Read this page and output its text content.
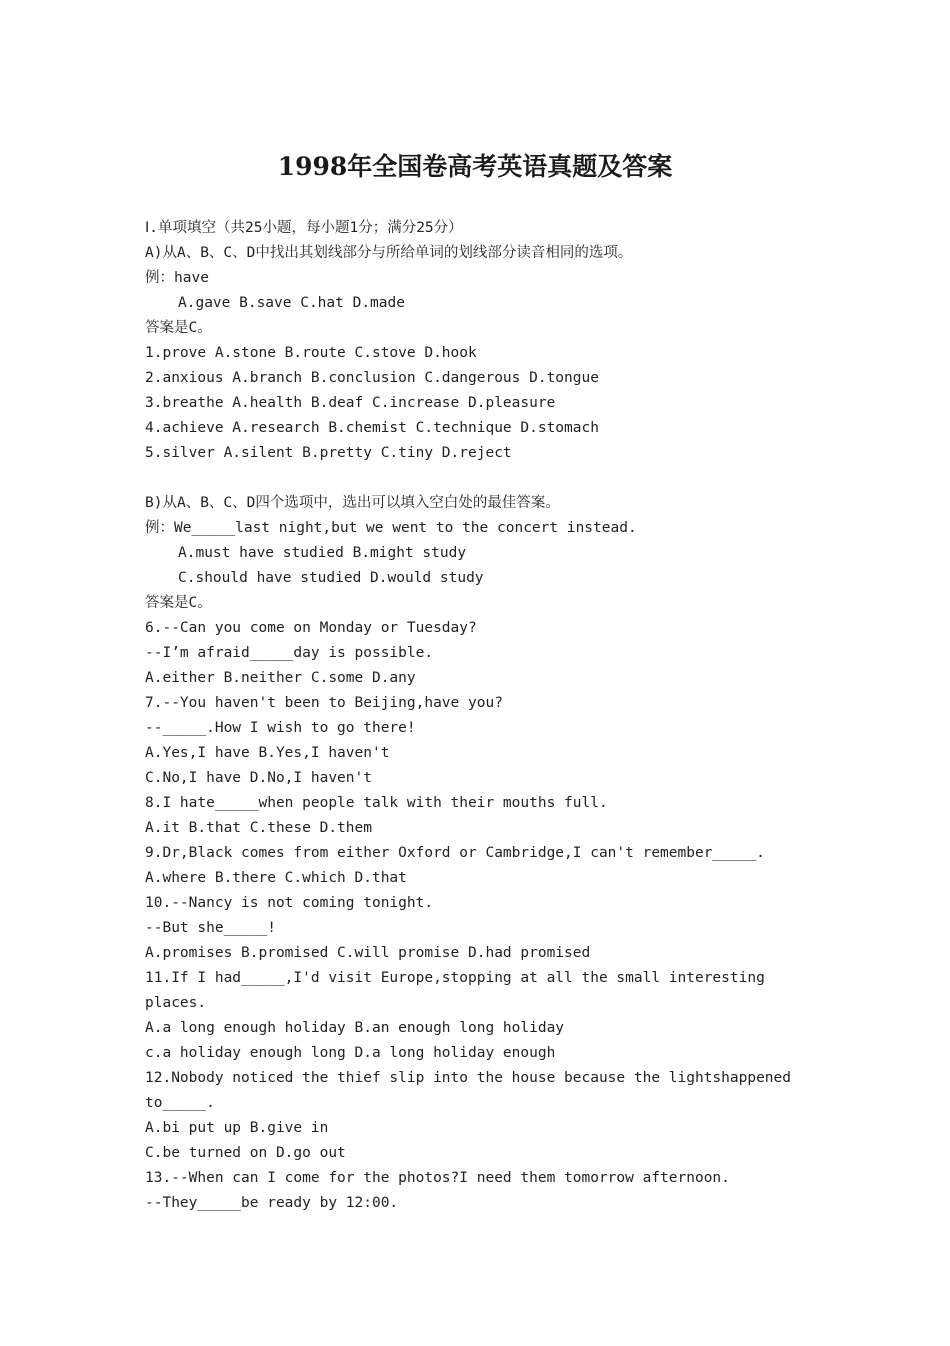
1998年全国卷高考英语真题及答案
Ⅰ.单项填空（共25小题，每小题1分；满分25分）
A)从A、B、C、D中找出其划线部分与所给单词的划线部分读音相同的选项。
例：have
A.gave B.save C.hat D.made
答案是C。
1.prove A.stone B.route C.stove D.hook
2.anxious A.branch B.conclusion C.dangerous D.tongue
3.breathe A.health B.deaf C.increase D.pleasure
4.achieve A.research B.chemist C.technique D.stomach
5.silver A.silent B.pretty C.tiny D.reject
B)从A、B、C、D四个选项中，选出可以填入空白处的最佳答案。
例：We_____last night,but we went to the concert instead.
A.must have studied B.might study
C.should have studied D.would study
答案是C。
6.--Can you come on Monday or Tuesday?
--I’m afraid_____day is possible.
A.either B.neither C.some D.any
7.--You haven't been to Beijing,have you?
--_____.How I wish to go there!
A.Yes,I have B.Yes,I haven't
C.No,I have D.No,I haven't
8.I hate_____when people talk with their mouths full.
A.it B.that C.these D.them
9.Dr,Black comes from either Oxford or Cambridge,I can't remember_____.
A.where B.there C.which D.that
10.--Nancy is not coming tonight.
--But she_____!
A.promises B.promised C.will promise D.had promised
11.If I had_____,I'd visit Europe,stopping at all the small interesting
places.
A.a long enough holiday B.an enough long holiday
c.a holiday enough long D.a long holiday enough
12.Nobody noticed the thief slip into the house because the lightshappened
to_____.
A.bi put up B.give in
C.be turned on D.go out
13.--When can I come for the photos?I need them tomorrow afternoon.
--They_____be ready by 12:00.
